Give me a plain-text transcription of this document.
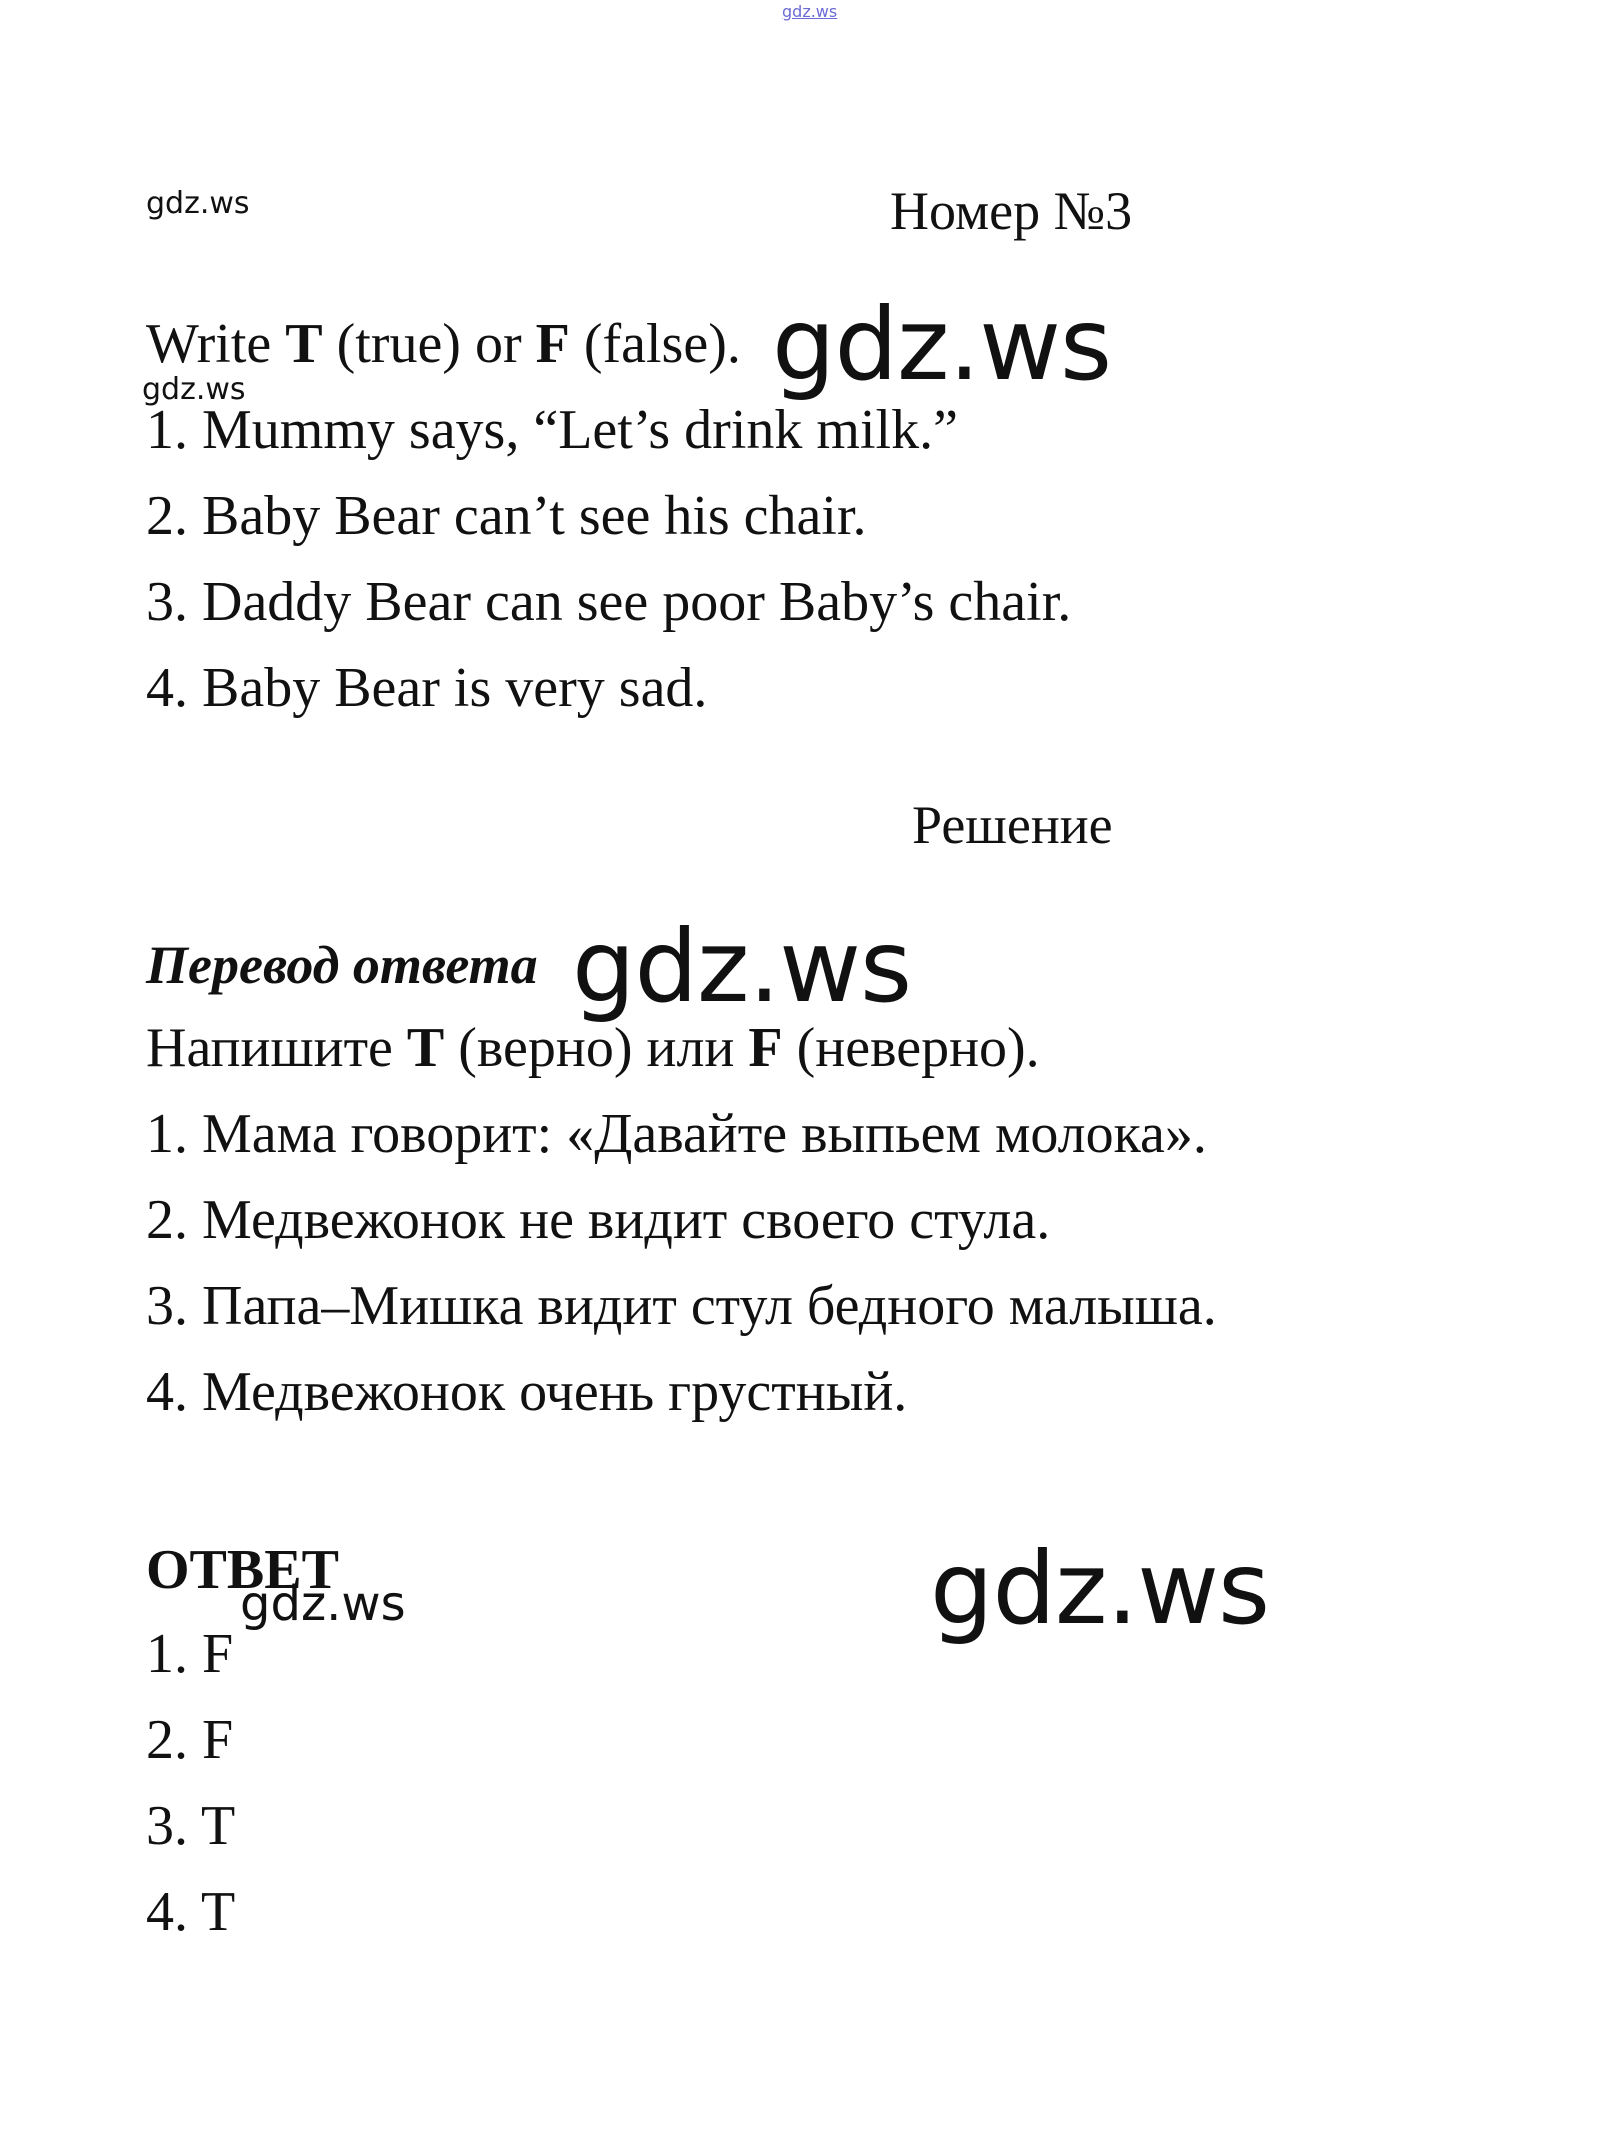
gdz.ws
gdz.ws	Номер №3
Write T (true) or F (false). gdz.ws
gdz.ws
1. Mummy says, “Let’s drink milk.”
2. Baby Bear can’t see his chair.
3. Daddy Bear can see poor Baby’s chair.
4. Baby Bear is very sad.
Решение
Перевод ответа gdz.ws
Напишите T (верно) или F (неверно).
1. Мама говорит: «Давайте выпьем молока».
2. Медвежонок не видит своего стула.
3. Папа–Мишка видит стул бедного малыша.
4. Медвежонок очень грустный.
ОТВЕТ
gdz.ws	gdz.ws
1. F
2. F
3. T
4. T
